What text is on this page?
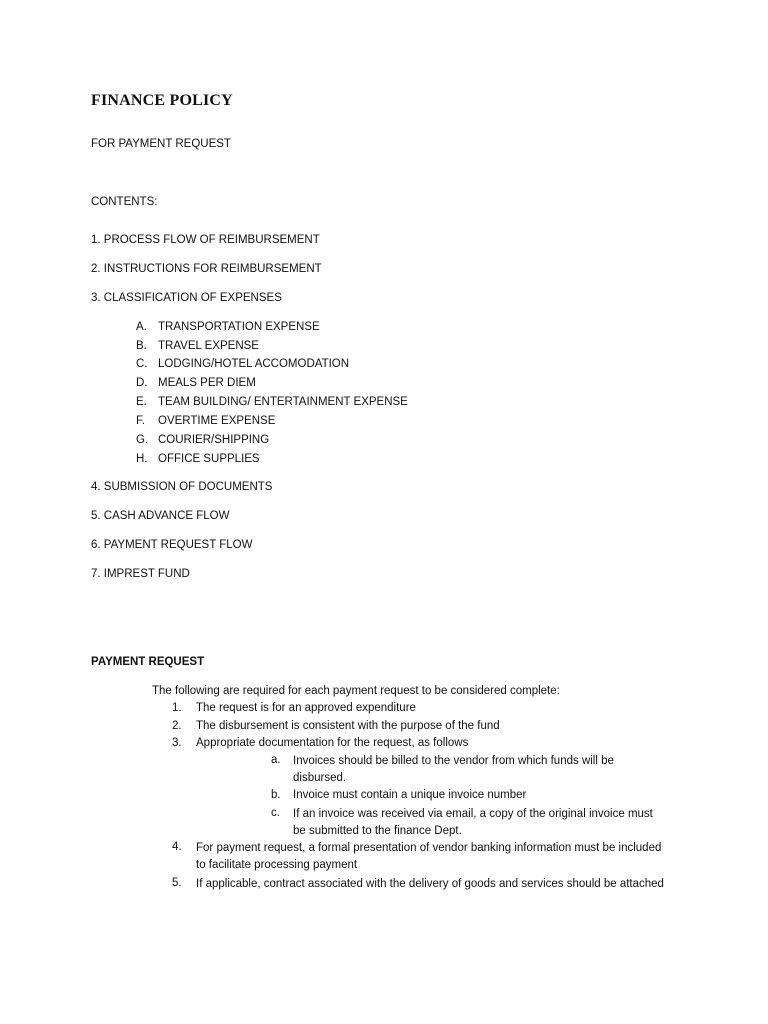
FINANCE POLICY
FOR PAYMENT REQUEST
CONTENTS:
1. PROCESS FLOW OF REIMBURSEMENT
2. INSTRUCTIONS FOR REIMBURSEMENT
3. CLASSIFICATION OF EXPENSES
A. TRANSPORTATION EXPENSE
B. TRAVEL EXPENSE
C. LODGING/HOTEL ACCOMODATION
D. MEALS PER DIEM
E. TEAM BUILDING/ ENTERTAINMENT EXPENSE
F. OVERTIME EXPENSE
G. COURIER/SHIPPING
H. OFFICE SUPPLIES
4. SUBMISSION OF DOCUMENTS
5. CASH ADVANCE FLOW
6. PAYMENT REQUEST FLOW
7. IMPREST FUND
PAYMENT REQUEST
The following are required for each payment request to be considered complete:
1. The request is for an approved expenditure
2. The disbursement is consistent with the purpose of the fund
3. Appropriate documentation for the request, as follows
a. Invoices should be billed to the vendor from which funds will be disbursed.
b. Invoice must contain a unique invoice number
c. If an invoice was received via email, a copy of the original invoice must be submitted to the finance Dept.
4. For payment request, a formal presentation of vendor banking information must be included to facilitate processing payment
5. If applicable, contract associated with the delivery of goods and services should be attached
